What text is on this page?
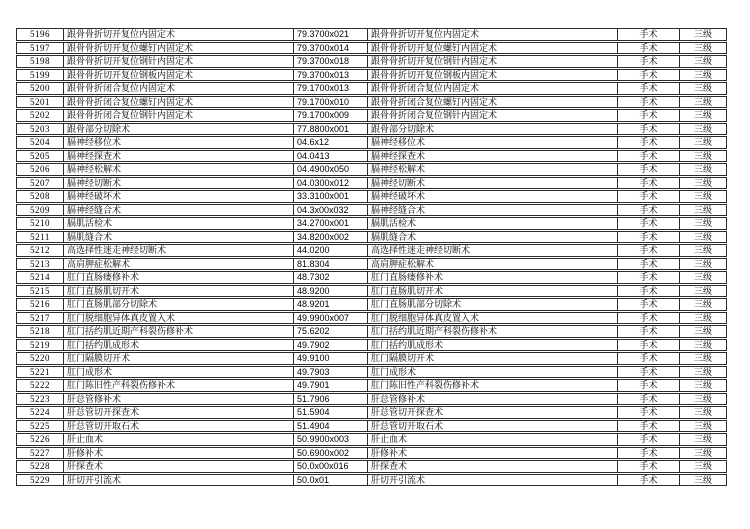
5196	跟骨骨折切开复位内固定术	79.3700x021	跟骨骨折切开复位内固定术	手术	三级
5197	跟骨骨折切开复位螺钉内固定术	79.3700x014	跟骨骨折切开复位螺钉内固定术	手术	三级
5198	跟骨骨折切开复位钢针内固定术	79.3700x018	跟骨骨折切开复位钢针内固定术	手术	三级
5199	跟骨骨折切开复位钢板内固定术	79.3700x013	跟骨骨折切开复位钢板内固定术	手术	三级
5200	跟骨骨折闭合复位内固定术	79.1700x013	跟骨骨折闭合复位内固定术	手术	三级
5201	跟骨骨折闭合复位螺钉内固定术	79.1700x010	跟骨骨折闭合复位螺钉内固定术	手术	三级
5202	跟骨骨折闭合复位钢针内固定术	79.1700x009	跟骨骨折闭合复位钢针内固定术	手术	三级
5203	跟骨部分切除术	77.8800x001	跟骨部分切除术	手术	三级
5204	膈神经移位术	04.6x12	膈神经移位术	手术	三级
5205	膈神经探查术	04.0413	膈神经探查术	手术	三级
5206	膈神经松解术	04.4900x050	膈神经松解术	手术	三级
5207	膈神经切断术	04.0300x012	膈神经切断术	手术	三级
5208	膈神经破坏术	33.3100x001	膈神经破坏术	手术	三级
5209	膈神经缝合术	04.3x00x032	膈神经缝合术	手术	三级
5210	膈肌活检术	34.2700x001	膈肌活检术	手术	三级
5211	膈肌缝合术	34.8200x002	膈肌缝合术	手术	三级
5212	高选择性迷走神经切断术	44.0200	高选择性迷走神经切断术	手术	三级
5213	高肩胛症松解术	81.8304	高肩胛症松解术	手术	三级
5214	肛门直肠瘘修补术	48.7302	肛门直肠瘘修补术	手术	三级
5215	肛门直肠肌切开术	48.9200	肛门直肠肌切开术	手术	三级
5216	肛门直肠肌部分切除术	48.9201	肛门直肠肌部分切除术	手术	三级
5217	肛门脱细胞异体真皮置入术	49.9900x007	肛门脱细胞异体真皮置入术	手术	三级
5218	肛门括约肌近期产科裂伤修补术	75.6202	肛门括约肌近期产科裂伤修补术	手术	三级
5219	肛门括约肌成形术	49.7902	肛门括约肌成形术	手术	三级
5220	肛门隔膜切开术	49.9100	肛门隔膜切开术	手术	三级
5221	肛门成形术	49.7903	肛门成形术	手术	三级
5222	肛门陈旧性产科裂伤修补术	49.7901	肛门陈旧性产科裂伤修补术	手术	三级
5223	肝总管修补术	51.7906	肝总管修补术	手术	三级
5224	肝总管切开探查术	51.5904	肝总管切开探查术	手术	三级
5225	肝总管切开取石术	51.4904	肝总管切开取石术	手术	三级
5226	肝止血术	50.9900x003	肝止血术	手术	三级
5227	肝修补术	50.6900x002	肝修补术	手术	三级
5228	肝探查术	50.0x00x016	肝探查术	手术	三级
5229	肝切开引流术	50.0x01	肝切开引流术	手术	三级
